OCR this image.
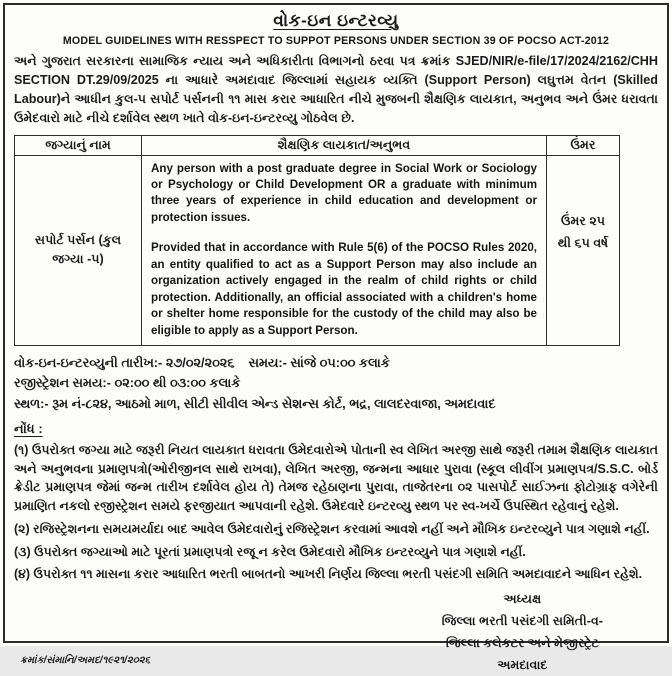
વોક-ઇન ઇન્ટરવ્યુ
MODEL GUIDELINES WITH RESSPECT TO SUPPOT PERSONS UNDER SECTION 39 OF POCSO ACT-2012

અને ગુજરાત સરકારના સામાજિક ન્યાય અને અધિકારીતા વિભાગનો ઠરવા પત્ર ક્રમાંક SJED/NIR/e-file/17/2024/2162/CHH SECTION DT.29/09/2025 ના આધારે અમદાવાદ જિલ્લામાં સહાયક વ્યક્તિ (Support Person) લઘુત્તમ વેતન (Skilled Labour)ને આધીન કુલ-૫ સપોર્ટ પર્સનની ૧૧ માસ કરાર આધારિત નીચે મુજબની શૈક્ષણિક લાયકાત, અનુભવ અને ઉંમર ધરાવતા ઉમેદવારો માટે નીચે દર્શાવેલ સ્થળ ખાતે વોક-ઇન-ઇન્ટરવ્યુ ગોઠવેલ છે.

જગ્યાનું નામ	શૈક્ષણિક લાયકાત/અનુભવ	ઉંમર
સપોર્ટ પર્સન (કુલ જગ્યા -૫)	Any person with a post graduate degree in Social Work or Sociology or Psychology or Child Development OR a graduate with minimum three years of experience in child education and development or protection issues.

Provided that in accordance with Rule 5(6) of the POCSO Rules 2020, an entity qualified to act as a Support Person may also include an organization actively engaged in the realm of child rights or child protection. Additionally, an official associated with a children's home or shelter home responsible for the custody of the child may also be eligible to apply as a Support Person.	ઉંમર ૨૫ થી ૬૫ વર્ષ
વોક-ઇન-ઇન્ટરવ્યુની તારીખ:- ૨૭/૦૨/૨૦૨૬ સમય:- સાંજે ૦૫:૦૦ કલાકે
રજીસ્ટ્રેશન સમય:- ૦૨:૦૦ થી ૦૩:૦૦ કલાકે
સ્થળ:- રૂમ નં-૮૨૪, આઠમો માળ, સીટી સીવીલ એન્ડ સેશન્સ કોર્ટ, ભદ્ર, લાલદરવાજા, અમદાવાદ
નોંધ :

(૧) ઉપરોક્ત જગ્યા માટે જરૂરી નિયત લાયકાત ધરાવતા ઉમેદવારોએ પોતાની સ્વ લેખિત અરજી સાથે જરૂરી તમામ શૈક્ષણિક લાયકાત અને અનુભવના પ્રમાણપત્રો(ઓરીજીનલ સાથે રાખવા), લેખિત અરજી, જન્મના આધાર પુરાવા (સ્કૂલ લીવીંગ પ્રમાણપત્ર/S.S.C. બોર્ડ ક્રેડીટ પ્રમાણપત્ર જેમાં જન્મ તારીખ દર્શાવેલ હોય તે) તેમજ રહેઠાણના પુરાવા, તાજેતરના ૦૨ પાસપોર્ટ સાઈઝના ફોટોગ્રાફ વગેરેની પ્રમાણિત નકલો રજીસ્ટ્રેશન સમયે ફરજીયાત આપવાની રહેશે. ઉમેદવારે ઇન્ટરવ્યુ સ્થળ પર સ્વ-ખર્ચે ઉપસ્થિત રહેવાનું રહેશે.

(૨) રજિસ્ટ્રેશનના સમયમર્યાદા બાદ આવેલ ઉમેદવારોનું રજિસ્ટ્રેશન કરવામાં આવશે નહીં અને મૌખિક ઇન્ટરવ્યુને પાત્ર ગણાશે નહીં.

(૩) ઉપરોક્ત જગ્યાઓ માટે પૂરતાં પ્રમાણપત્રો રજૂ ન કરેલ ઉમેદવારો મૌખિક ઇન્ટરવ્યુને પાત્ર ગણાશે નહીં.

(૪) ઉપરોક્ત ૧૧ માસના કરાર આધારિત ભરતી બાબતનો આખરી નિર્ણય જિલ્લા ભરતી પસંદગી સમિતિ અમદાવાદને આધિન રહેશે.

ક્રમાંક/સંમાનિ/અમદ/૧૯૨૧/૨૦૨૬
અધ્યક્ષ
જિલ્લા ભરતી પસંદગી સમિતી-વ-
જિલ્લા કલેકટર અને મેજીસ્ટ્રેટ
અમદાવાદ
